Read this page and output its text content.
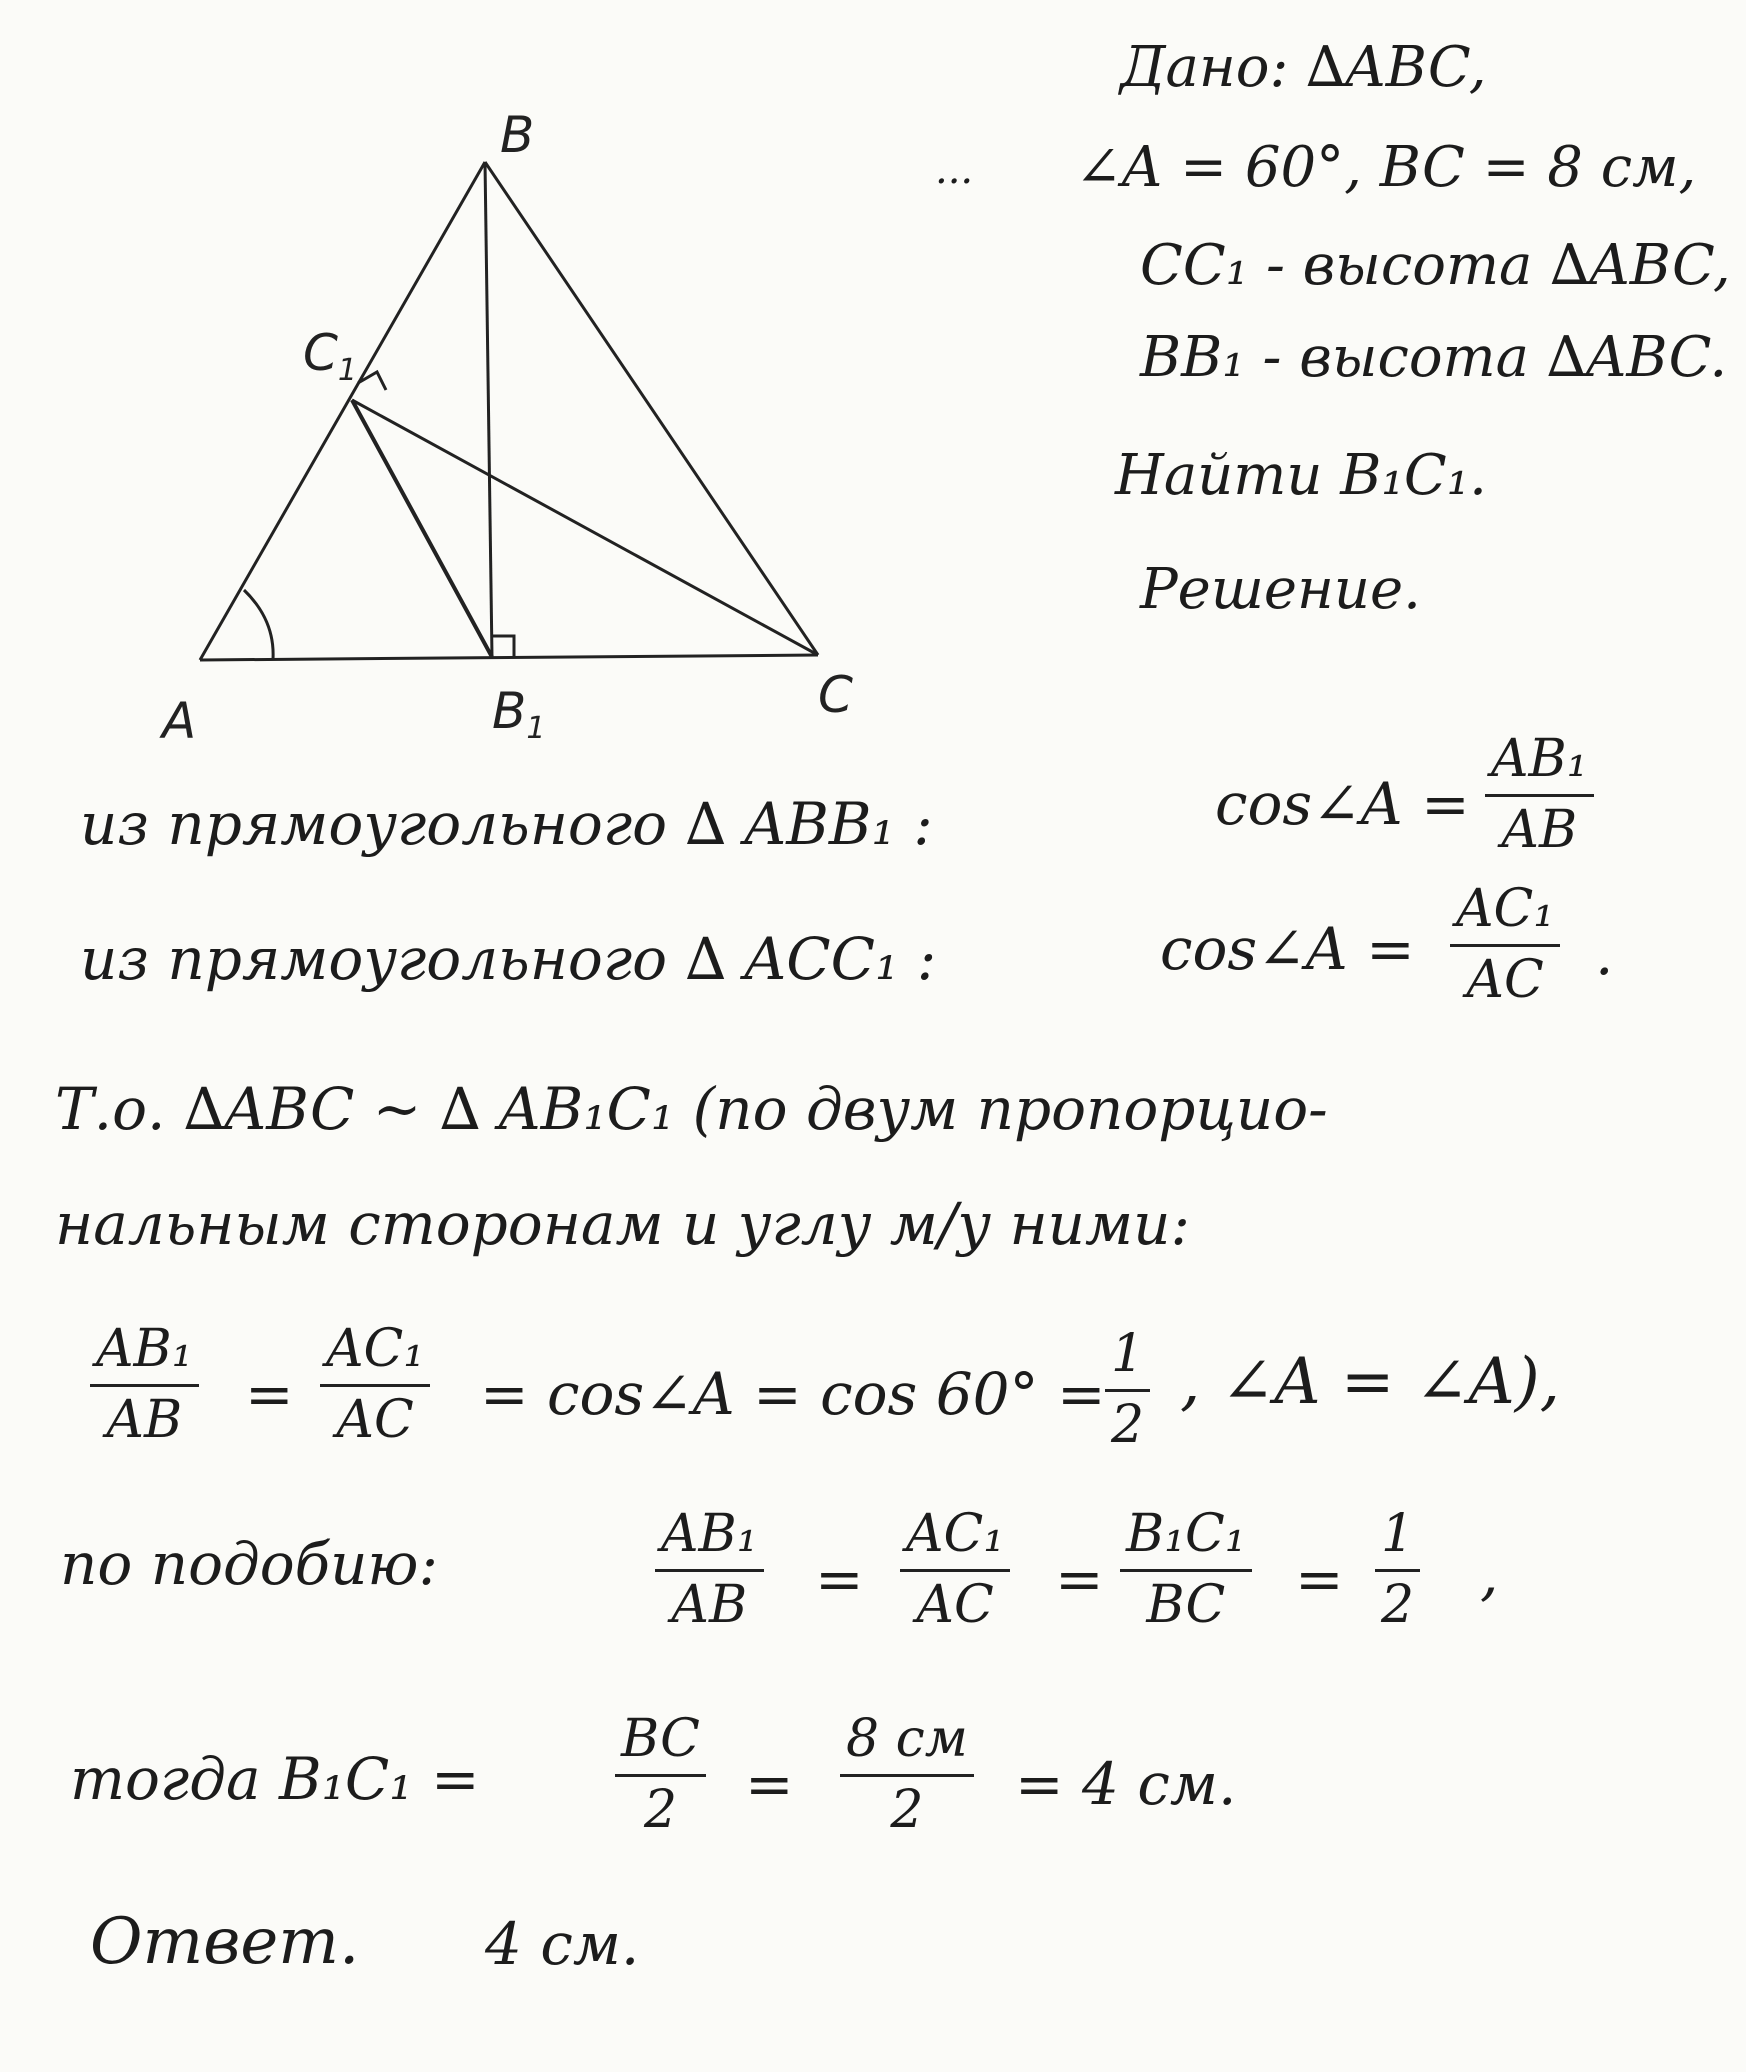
A
B
C
$B_1$
$C_1$
Дано: ∆ABC,
... ∠A = 60°, BC = 8 см,
CC₁ - высота ∆ABC,
BB₁ - высота ∆ABC.
Найти B₁C₁.
Решение.
из прямоугольного ∆ ABB₁ :	cos∠A =
AB₁
AB
из прямоугольного ∆ ACC₁ :	cos∠A =
AC₁
AC .
Т.о. ∆ABC ~ ∆ AB₁C₁ (по двум пропорцио-
нальным сторонам и углу м/у ними:
AB₁
AB =
AC₁
AC = cos∠A = cos 60° =
1
2
, ∠A = ∠A),
по подобию:	AB₁
AB =
AC₁
AC =
B₁C₁
BC =
1
2 ,
тогда B₁C₁ =
BC
2 =
8 см
2 = 4 см.
Ответ. 4 см.
